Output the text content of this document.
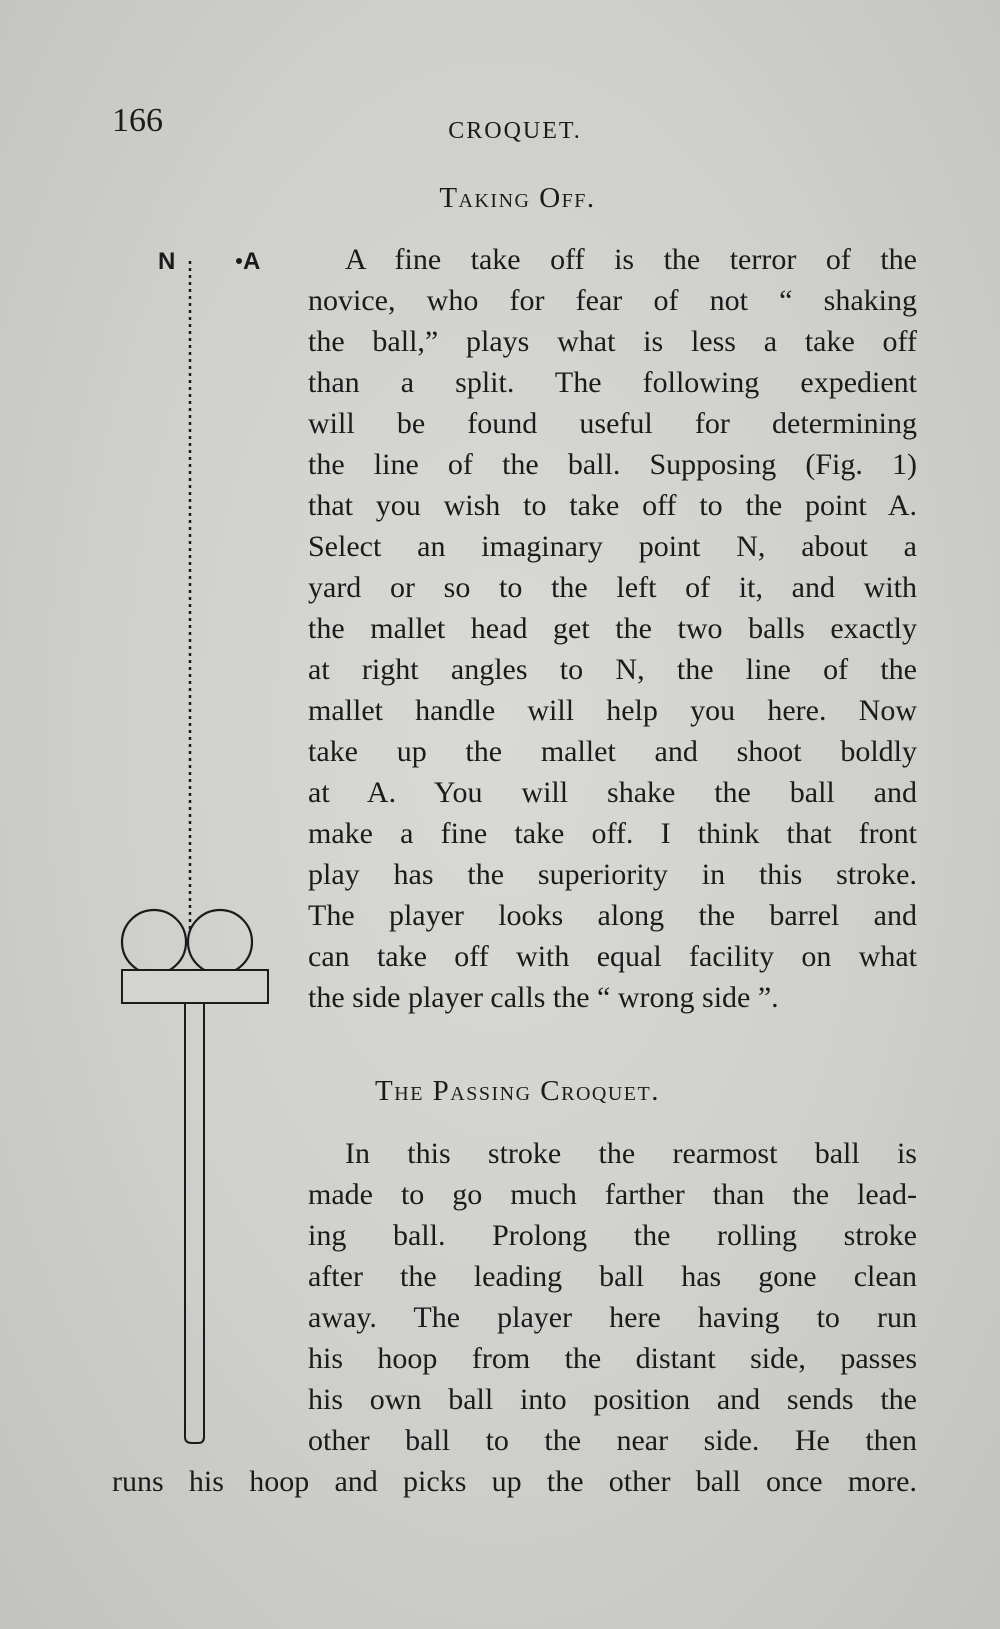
166	CROQUET.
Taking Off.
N	A	A fine take off is the terror of the
novice, who for fear of not “ shaking
the ball,” plays what is less a take off
than a split. The following expedient
will be found useful for determining
the line of the ball. Supposing (Fig. 1)
that you wish to take off to the point A.
Select an imaginary point N, about a
yard or so to the left of it, and with
the mallet head get the two balls exactly
at right angles to N, the line of the
mallet handle will help you here. Now
take up the mallet and shoot boldly
at A. You will shake the ball and
make a fine take off. I think that front
play has the superiority in this stroke.
The player looks along the barrel and
can take off with equal facility on what
the side player calls the “ wrong side ”.
The Passing Croquet.
In this stroke the rearmost ball is
made to go much farther than the lead-
ing ball. Prolong the rolling stroke
after the leading ball has gone clean
away. The player here having to run
his hoop from the distant side, passes
his own ball into position and sends the
other ball to the near side. He then
runs his hoop and picks up the other ball once more.
